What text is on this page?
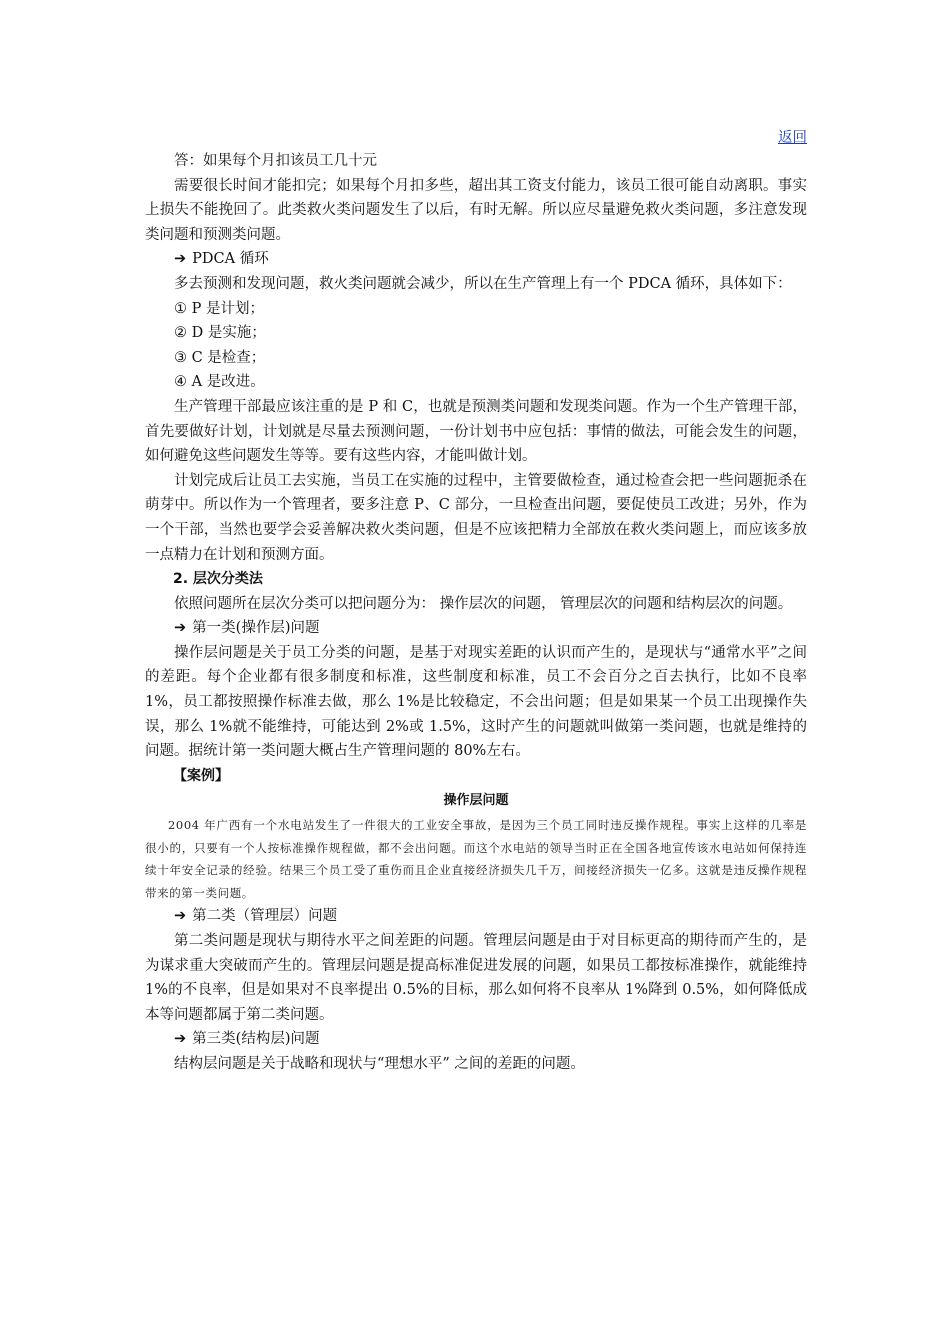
返回

答：如果每个月扣该员工几十元

需要很长时间才能扣完；如果每个月扣多些，超出其工资支付能力，该员工很可能自动离职。事实上损失不能挽回了。此类救火类问题发生了以后，有时无解。所以应尽量避免救火类问题，多注意发现类问题和预测类问题。

➔ PDCA 循环

多去预测和发现问题，救火类问题就会减少，所以在生产管理上有一个 PDCA 循环，具体如下：

① P 是计划；

② D 是实施；

③ C 是检查；

④ A 是改进。

生产管理干部最应该注重的是 P 和 C，也就是预测类问题和发现类问题。作为一个生产管理干部，首先要做好计划，计划就是尽量去预测问题，一份计划书中应包括：事情的做法，可能会发生的问题，如何避免这些问题发生等等。要有这些内容，才能叫做计划。

计划完成后让员工去实施，当员工在实施的过程中，主管要做检查，通过检查会把一些问题扼杀在萌芽中。所以作为一个管理者，要多注意 P、C 部分，一旦检查出问题，要促使员工改进；另外，作为一个干部，当然也要学会妥善解决救火类问题，但是不应该把精力全部放在救火类问题上，而应该多放一点精力在计划和预测方面。

2. 层次分类法

依照问题所在层次分类可以把问题分为： 操作层次的问题， 管理层次的问题和结构层次的问题。

➔ 第一类(操作层)问题

操作层问题是关于员工分类的问题，是基于对现实差距的认识而产生的，是现状与“通常水平”之间的差距。每个企业都有很多制度和标准，这些制度和标准，员工不会百分之百去执行，比如不良率 1%，员工都按照操作标准去做，那么 1%是比较稳定，不会出问题；但是如果某一个员工出现操作失误，那么 1%就不能维持，可能达到 2%或 1.5%，这时产生的问题就叫做第一类问题，也就是维持的问题。据统计第一类问题大概占生产管理问题的 80%左右。

【案例】

操作层问题

2004 年广西有一个水电站发生了一件很大的工业安全事故，是因为三个员工同时违反操作规程。事实上这样的几率是很小的，只要有一个人按标准操作规程做，都不会出问题。而这个水电站的领导当时正在全国各地宣传该水电站如何保持连续十年安全记录的经验。结果三个员工受了重伤而且企业直接经济损失几千万，间接经济损失一亿多。这就是违反操作规程带来的第一类问题。

➔ 第二类（管理层）问题

第二类问题是现状与期待水平之间差距的问题。管理层问题是由于对目标更高的期待而产生的，是为谋求重大突破而产生的。管理层问题是提高标准促进发展的问题，如果员工都按标准操作，就能维持 1%的不良率，但是如果对不良率提出 0.5%的目标，那么如何将不良率从 1%降到 0.5%，如何降低成本等问题都属于第二类问题。

➔ 第三类(结构层)问题

结构层问题是关于战略和现状与“理想水平” 之间的差距的问题。
